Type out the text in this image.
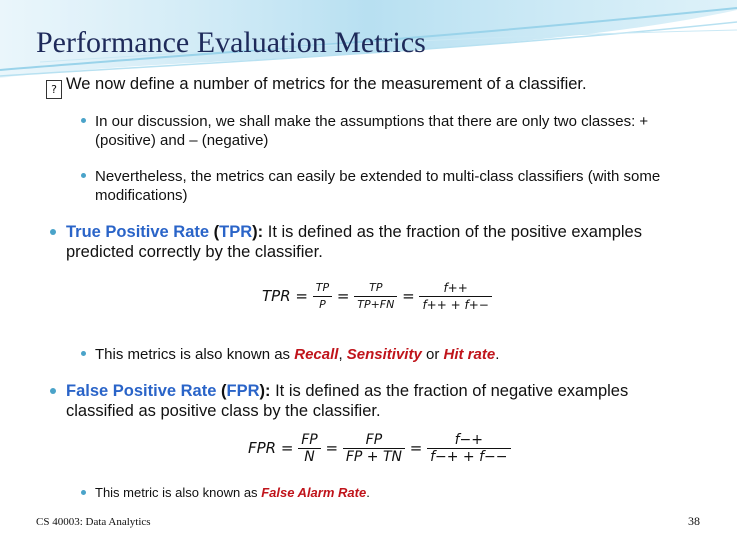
Performance Evaluation Metrics
? We now define a number of metrics for the measurement of a classifier.
In our discussion, we shall make the assumptions that there are only two classes: + (positive) and – (negative)
Nevertheless, the metrics can easily be extended to multi-class classifiers (with some modifications)
True Positive Rate (TPR): It is defined as the fraction of the positive examples predicted correctly by the classifier.
TPR = $\frac{TP}{P} = \frac{TP}{TP+FN} = \frac{f++}{f++ + f+-}$
This metrics is also known as Recall, Sensitivity or Hit rate.
False Positive Rate (FPR): It is defined as the fraction of negative examples classified as positive class by the classifier.
FPR = $\frac{FP}{N} = \frac{FP}{FP + TN} = \frac{f-+}{f-+ + f--}$
This metric is also known as False Alarm Rate.
CS 40003: Data Analytics	38
